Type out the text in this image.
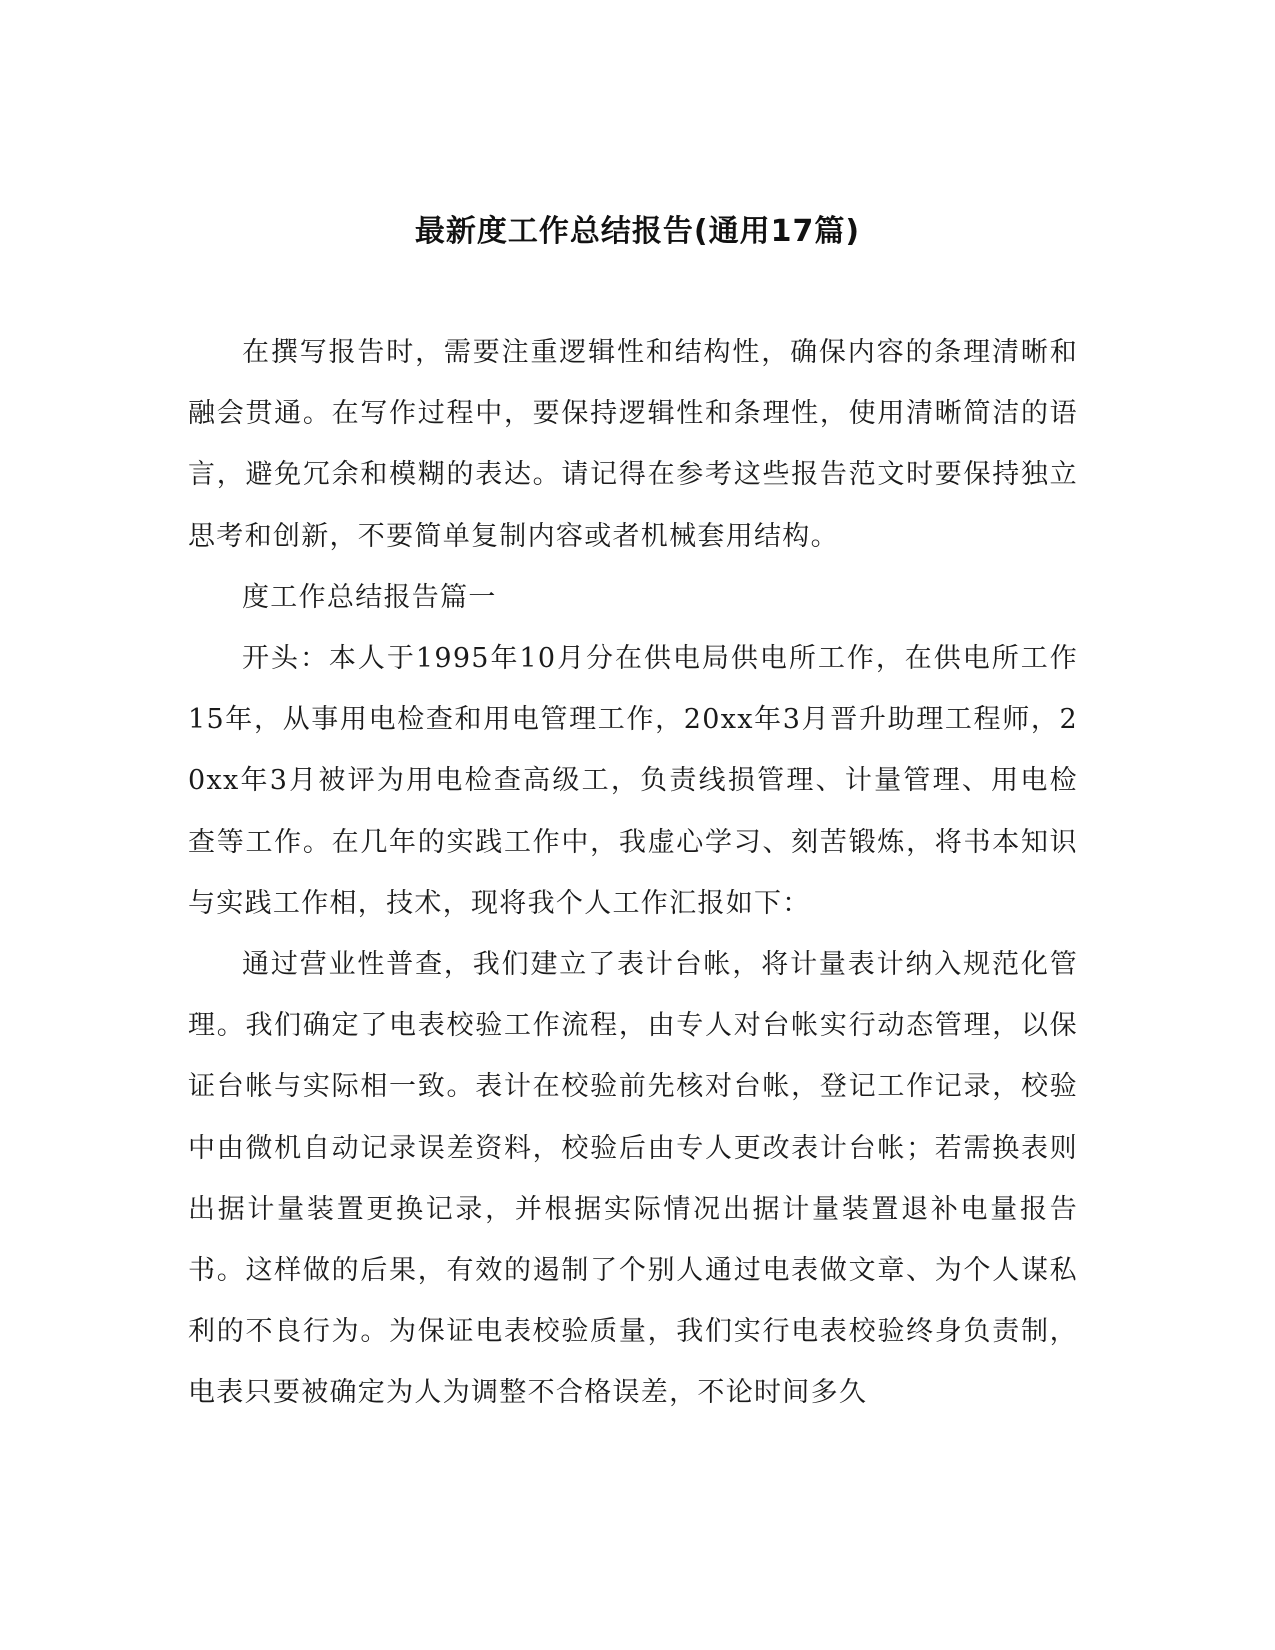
最新度工作总结报告(通用17篇)

在撰写报告时，需要注重逻辑性和结构性，确保内容的条理清晰和融会贯通。在写作过程中，要保持逻辑性和条理性，使用清晰简洁的语言，避免冗余和模糊的表达。请记得在参考这些报告范文时要保持独立思考和创新，不要简单复制内容或者机械套用结构。

度工作总结报告篇一

开头：本人于1995年10月分在供电局供电所工作，在供电所工作15年，从事用电检查和用电管理工作，20xx年3月晋升助理工程师，20xx年3月被评为用电检查高级工，负责线损管理、计量管理、用电检查等工作。在几年的实践工作中，我虚心学习、刻苦锻炼，将书本知识与实践工作相，技术，现将我个人工作汇报如下：

通过营业性普查，我们建立了表计台帐，将计量表计纳入规范化管理。我们确定了电表校验工作流程，由专人对台帐实行动态管理，以保证台帐与实际相一致。表计在校验前先核对台帐，登记工作记录，校验中由微机自动记录误差资料，校验后由专人更改表计台帐；若需换表则出据计量装置更换记录，并根据实际情况出据计量装置退补电量报告书。这样做的后果，有效的遏制了个别人通过电表做文章、为个人谋私利的不良行为。为保证电表校验质量，我们实行电表校验终身负责制，电表只要被确定为人为调整不合格误差，不论时间多久
